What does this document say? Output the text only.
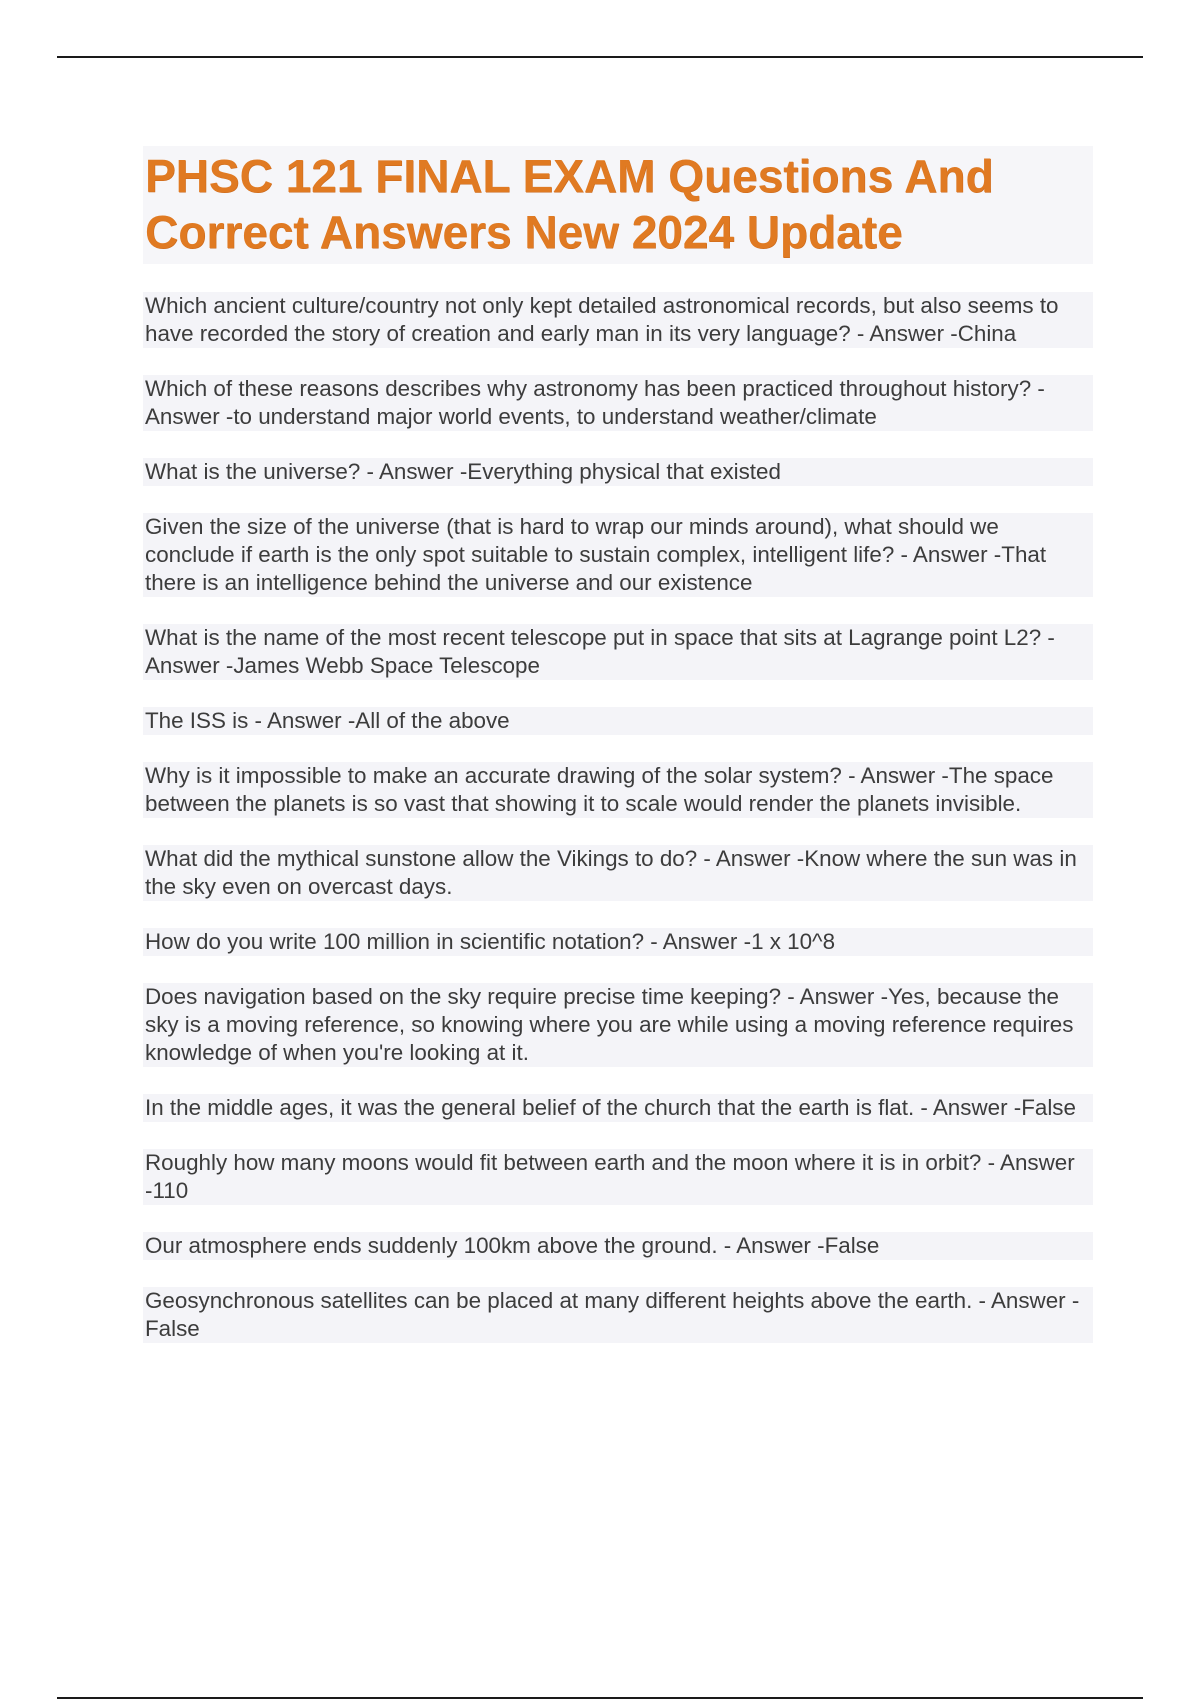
PHSC 121 FINAL EXAM Questions And Correct Answers New 2024 Update
Which ancient culture/country not only kept detailed astronomical records, but also seems to have recorded the story of creation and early man in its very language? - Answer -China
Which of these reasons describes why astronomy has been practiced throughout history? - Answer -to understand major world events, to understand weather/climate
What is the universe? - Answer -Everything physical that existed
Given the size of the universe (that is hard to wrap our minds around), what should we conclude if earth is the only spot suitable to sustain complex, intelligent life? - Answer -That there is an intelligence behind the universe and our existence
What is the name of the most recent telescope put in space that sits at Lagrange point L2? - Answer -James Webb Space Telescope
The ISS is - Answer -All of the above
Why is it impossible to make an accurate drawing of the solar system? - Answer -The space between the planets is so vast that showing it to scale would render the planets invisible.
What did the mythical sunstone allow the Vikings to do? - Answer -Know where the sun was in the sky even on overcast days.
How do you write 100 million in scientific notation? - Answer -1 x 10^8
Does navigation based on the sky require precise time keeping? - Answer -Yes, because the sky is a moving reference, so knowing where you are while using a moving reference requires knowledge of when you're looking at it.
In the middle ages, it was the general belief of the church that the earth is flat. - Answer -False
Roughly how many moons would fit between earth and the moon where it is in orbit? - Answer -110
Our atmosphere ends suddenly 100km above the ground. - Answer -False
Geosynchronous satellites can be placed at many different heights above the earth. - Answer -False
